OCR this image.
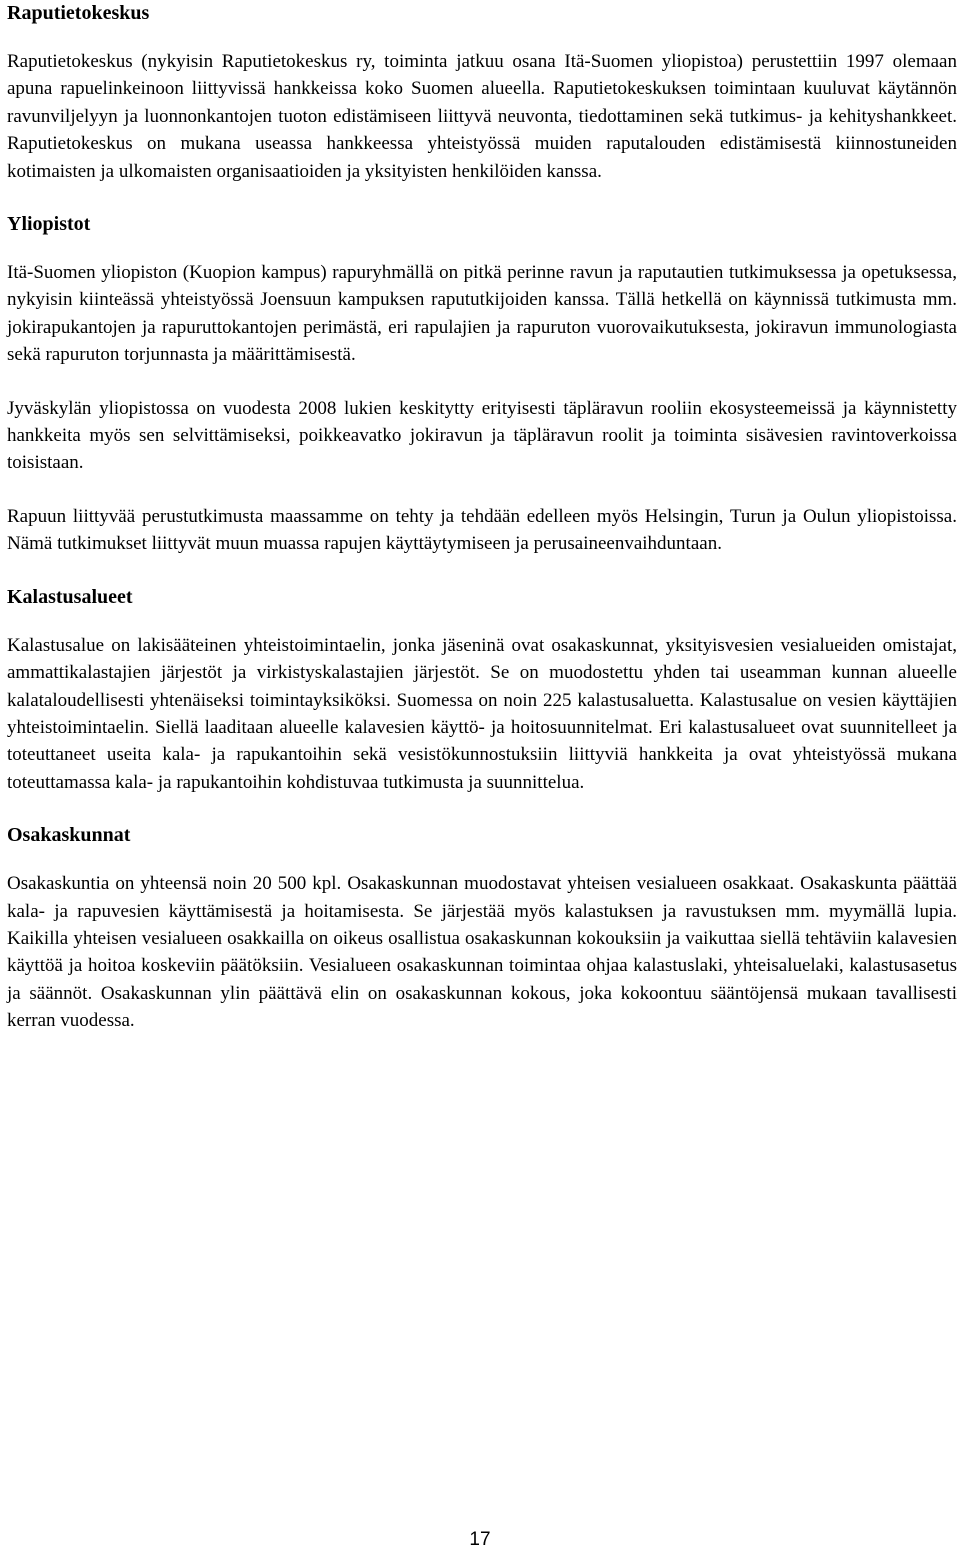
Raputietokeskus

Raputietokeskus (nykyisin Raputietokeskus ry, toiminta jatkuu osana Itä-Suomen yliopistoa) perustettiin 1997 olemaan apuna rapuelinkeinoon liittyvissä hankkeissa koko Suomen alueella. Raputietokeskuksen toimintaan kuuluvat käytännön ravunviljelyyn ja luonnonkantojen tuoton edistämiseen liittyvä neuvonta, tiedottaminen sekä tutkimus- ja kehityshankkeet. Raputietokeskus on mukana useassa hankkeessa yhteistyössä muiden raputalouden edistämisestä kiinnostuneiden kotimaisten ja ulkomaisten organisaatioiden ja yksityisten henkilöiden kanssa.

Yliopistot

Itä-Suomen yliopiston (Kuopion kampus) rapuryhmällä on pitkä perinne ravun ja raputautien tutkimuksessa ja opetuksessa, nykyisin kiinteässä yhteistyössä Joensuun kampuksen rapututkijoiden kanssa. Tällä hetkellä on käynnissä tutkimusta mm. jokirapukantojen ja rapuruttokantojen perimästä, eri rapulajien ja rapuruton vuorovaikutuksesta, jokiravun immunologiasta sekä rapuruton torjunnasta ja määrittämisestä.

Jyväskylän yliopistossa on vuodesta 2008 lukien keskitytty erityisesti täpläravun rooliin ekosysteemeissä ja käynnistetty hankkeita myös sen selvittämiseksi, poikkeavatko jokiravun ja täpläravun roolit ja toiminta sisävesien ravintoverkoissa toisistaan.

Rapuun liittyvää perustutkimusta maassamme on tehty ja tehdään edelleen myös Helsingin, Turun ja Oulun yliopistoissa. Nämä tutkimukset liittyvät muun muassa rapujen käyttäytymiseen ja perusaineenvaihduntaan.

Kalastusalueet

Kalastusalue on lakisääteinen yhteistoimintaelin, jonka jäseninä ovat osakaskunnat, yksityisvesien vesialueiden omistajat, ammattikalastajien järjestöt ja virkistyskalastajien järjestöt. Se on muodostettu yhden tai useamman kunnan alueelle kalataloudellisesti yhtenäiseksi toimintayksiköksi. Suomessa on noin 225 kalastusaluetta. Kalastusalue on vesien käyttäjien yhteistoimintaelin. Siellä laaditaan alueelle kalavesien käyttö- ja hoitosuunnitelmat. Eri kalastusalueet ovat suunnitelleet ja toteuttaneet useita kala- ja rapukantoihin sekä vesistökunnostuksiin liittyviä hankkeita ja ovat yhteistyössä mukana toteuttamassa kala- ja rapukantoihin kohdistuvaa tutkimusta ja suunnittelua.

Osakaskunnat

Osakaskuntia on yhteensä noin 20 500 kpl. Osakaskunnan muodostavat yhteisen vesialueen osakkaat. Osakaskunta päättää kala- ja rapuvesien käyttämisestä ja hoitamisesta. Se järjestää myös kalastuksen ja ravustuksen mm. myymällä lupia. Kaikilla yhteisen vesialueen osakkailla on oikeus osallistua osakaskunnan kokouksiin ja vaikuttaa siellä tehtäviin kalavesien käyttöä ja hoitoa koskeviin päätöksiin. Vesialueen osakaskunnan toimintaa ohjaa kalastuslaki, yhteisaluelaki, kalastusasetus ja säännöt. Osakaskunnan ylin päättävä elin on osakaskunnan kokous, joka kokoontuu sääntöjensä mukaan tavallisesti kerran vuodessa.

17
